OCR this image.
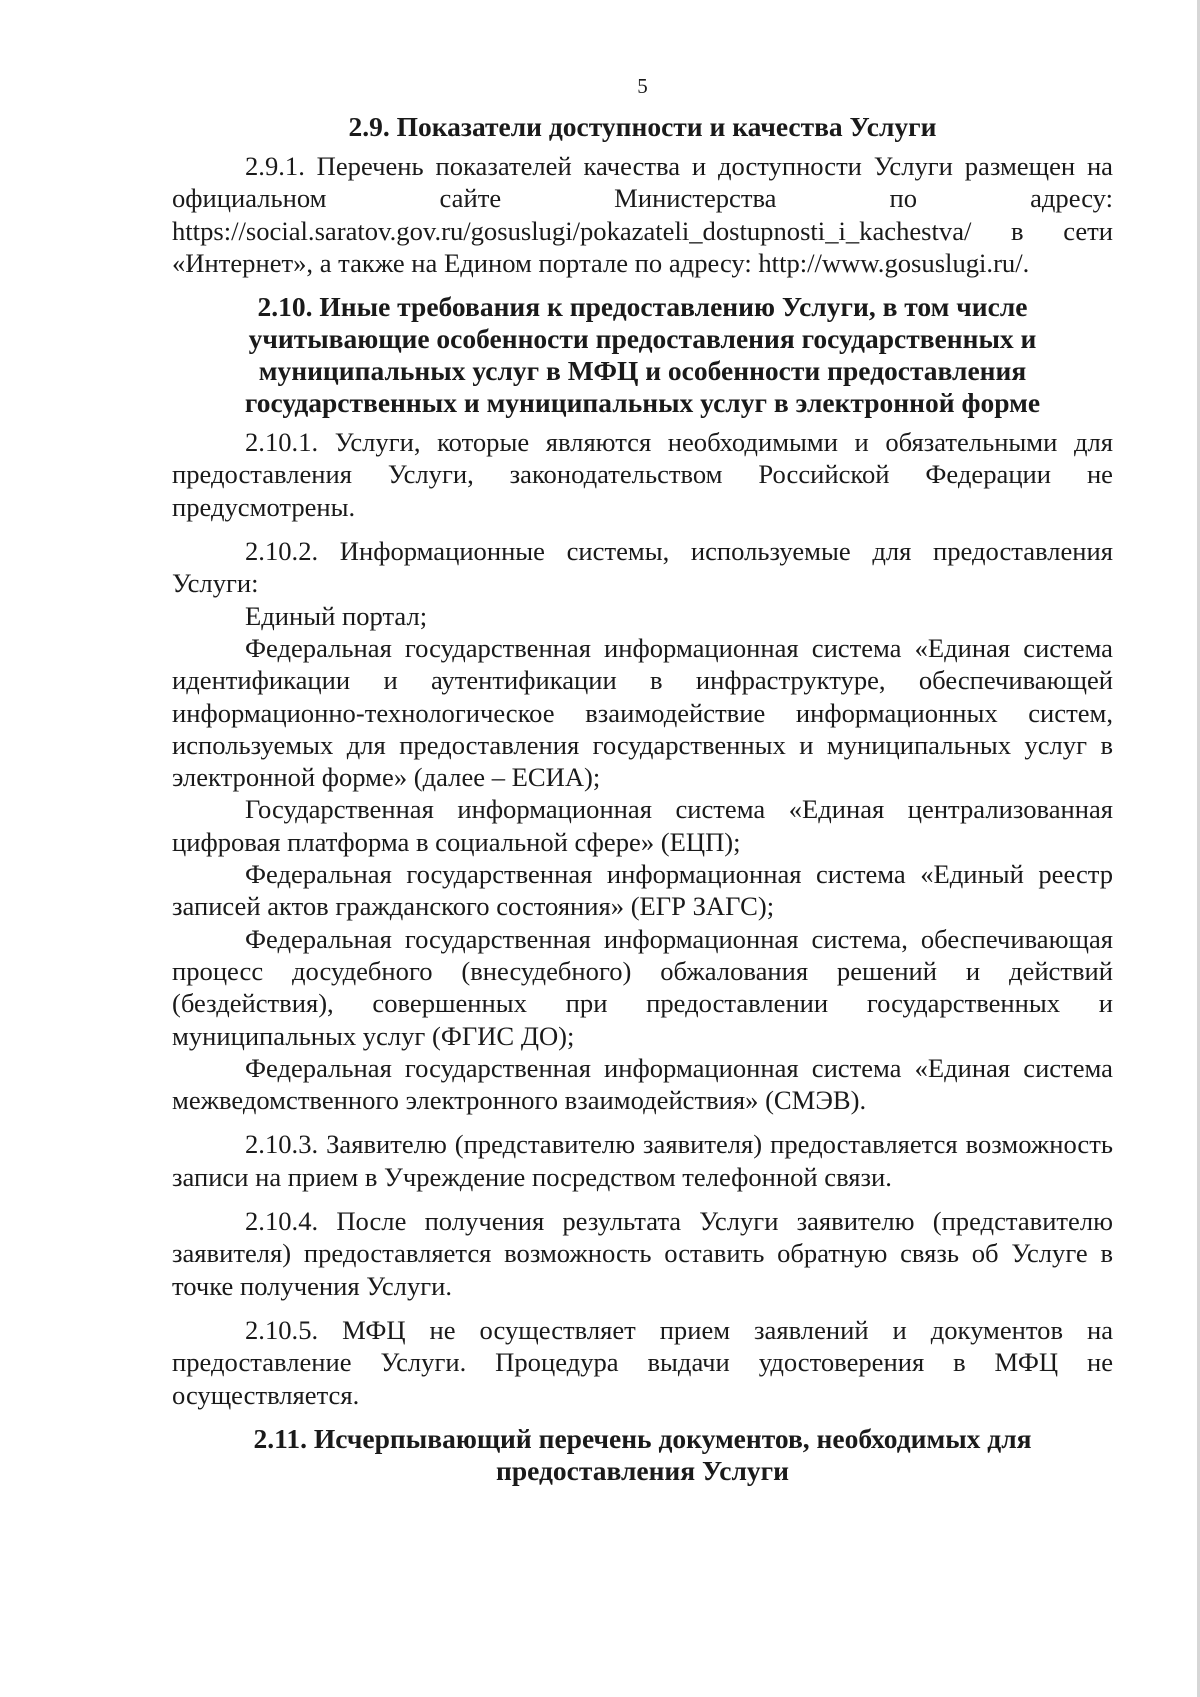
5
2.9. Показатели доступности и качества Услуги

2.9.1. Перечень показателей качества и доступности Услуги размещен на официальном сайте Министерства по адресу: https://social.saratov.gov.ru/gosuslugi/pokazateli_dostupnosti_i_kachestva/ в сети «Интернет», а также на Едином портале по адресу: http://www.gosuslugi.ru/.

2.10. Иные требования к предоставлению Услуги, в том числе учитывающие особенности предоставления государственных и муниципальных услуг в МФЦ и особенности предоставления государственных и муниципальных услуг в электронной форме

2.10.1. Услуги, которые являются необходимыми и обязательными для предоставления Услуги, законодательством Российской Федерации не предусмотрены.

2.10.2. Информационные системы, используемые для предоставления Услуги:

Единый портал;

Федеральная государственная информационная система «Единая система идентификации и аутентификации в инфраструктуре, обеспечивающей информационно-технологическое взаимодействие информационных систем, используемых для предоставления государственных и муниципальных услуг в электронной форме» (далее – ЕСИА);

Государственная информационная система «Единая централизованная цифровая платформа в социальной сфере» (ЕЦП);

Федеральная государственная информационная система «Единый реестр записей актов гражданского состояния» (ЕГР ЗАГС);

Федеральная государственная информационная система, обеспечивающая процесс досудебного (внесудебного) обжалования решений и действий (бездействия), совершенных при предоставлении государственных и муниципальных услуг (ФГИС ДО);

Федеральная государственная информационная система «Единая система межведомственного электронного взаимодействия» (СМЭВ).

2.10.3. Заявителю (представителю заявителя) предоставляется возможность записи на прием в Учреждение посредством телефонной связи.

2.10.4. После получения результата Услуги заявителю (представителю заявителя) предоставляется возможность оставить обратную связь об Услуге в точке получения Услуги.

2.10.5. МФЦ не осуществляет прием заявлений и документов на предоставление Услуги. Процедура выдачи удостоверения в МФЦ не осуществляется.

2.11. Исчерпывающий перечень документов, необходимых для предоставления Услуги
